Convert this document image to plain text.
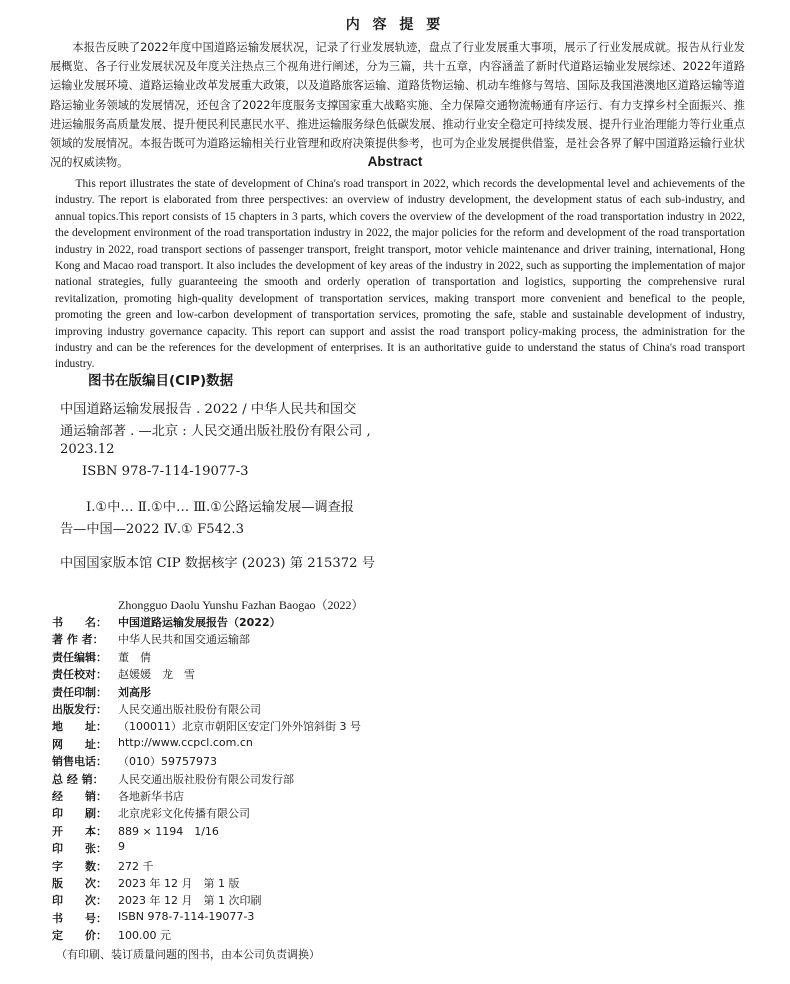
内 容 提 要

本报告反映了2022年度中国道路运输发展状况，记录了行业发展轨迹，盘点了行业发展重大事项，展示了行业发展成就。报告从行业发展概览、各子行业发展状况及年度关注热点三个视角进行阐述，分为三篇，共十五章，内容涵盖了新时代道路运输业发展综述、2022年道路运输业发展环境、道路运输业改革发展重大政策，以及道路旅客运输、道路货物运输、机动车维修与驾培、国际及我国港澳地区道路运输等道路运输业务领域的发展情况，还包含了2022年度服务支撑国家重大战略实施、全力保障交通物流畅通有序运行、有力支撑乡村全面振兴、推进运输服务高质量发展、提升便民利民惠民水平、推进运输服务绿色低碳发展、推动行业安全稳定可持续发展、提升行业治理能力等行业重点领域的发展情况。本报告既可为道路运输相关行业管理和政府决策提供参考，也可为企业发展提供借鉴，是社会各界了解中国道路运输行业状况的权威读物。	Abstract

This report illustrates the state of development of China's road transport in 2022, which records the developmental level and achievements of the industry. The report is elaborated from three perspectives: an overview of industry development, the development status of each sub-industry, and annual topics.This report consists of 15 chapters in 3 parts, which covers the overview of the development of the road transportation industry in 2022, the development environment of the road transportation industry in 2022, the major policies for the reform and development of the road transportation industry in 2022, road transport sections of passenger transport, freight transport, motor vehicle maintenance and driver training, international, Hong Kong and Macao road transport. It also includes the development of key areas of the industry in 2022, such as supporting the implementation of major national strategies, fully guaranteeing the smooth and orderly operation of transportation and logistics, supporting the comprehensive rural revitalization, promoting high-quality development of transportation services, making transport more convenient and benefical to the people, promoting the green and low-carbon development of transportation services, promoting the safe, stable and sustainable development of industry, improving industry governance capacity. This report can support and assist the road transport policy-making process, the administration for the industry and can be the references for the development of enterprises. It is an authoritative guide to understand the status of China's road transport industry.

图书在版编目(CIP)数据
中国道路运输发展报告 . 2022 / 中华人民共和国交
通运输部著 . —北京 : 人民交通出版社股份有限公司 ,
2023.12
ISBN 978-7-114-19077-3
Ⅰ.①中… Ⅱ.①中… Ⅲ.①公路运输发展—调查报
告—中国—2022 Ⅳ.① F542.3
中国国家版本馆 CIP 数据核字 (2023) 第 215372 号
Zhongguo Daolu Yunshu Fazhan Baogao（2022）
书　　名：	中国道路运输发展报告（2022）
著 作 者：	中华人民共和国交通运输部
责任编辑：	董　倩
责任校对：	赵媛媛　龙　雪
责任印制：	刘高彤
出版发行：	人民交通出版社股份有限公司
地　　址：	（100011）北京市朝阳区安定门外外馆斜街 3 号
网　　址：	http://www.ccpcl.com.cn
销售电话：	（010）59757973
总 经 销：	人民交通出版社股份有限公司发行部
经　　销：	各地新华书店
印　　刷：	北京虎彩文化传播有限公司
开　　本：	889 × 1194　1/16
印　　张：	9
字　　数：	272 千
版　　次：	2023 年 12 月　第 1 版
印　　次：	2023 年 12 月　第 1 次印刷
书　　号：	ISBN 978-7-114-19077-3
定　　价：	100.00 元
（有印刷、装订质量问题的图书，由本公司负责调换）
